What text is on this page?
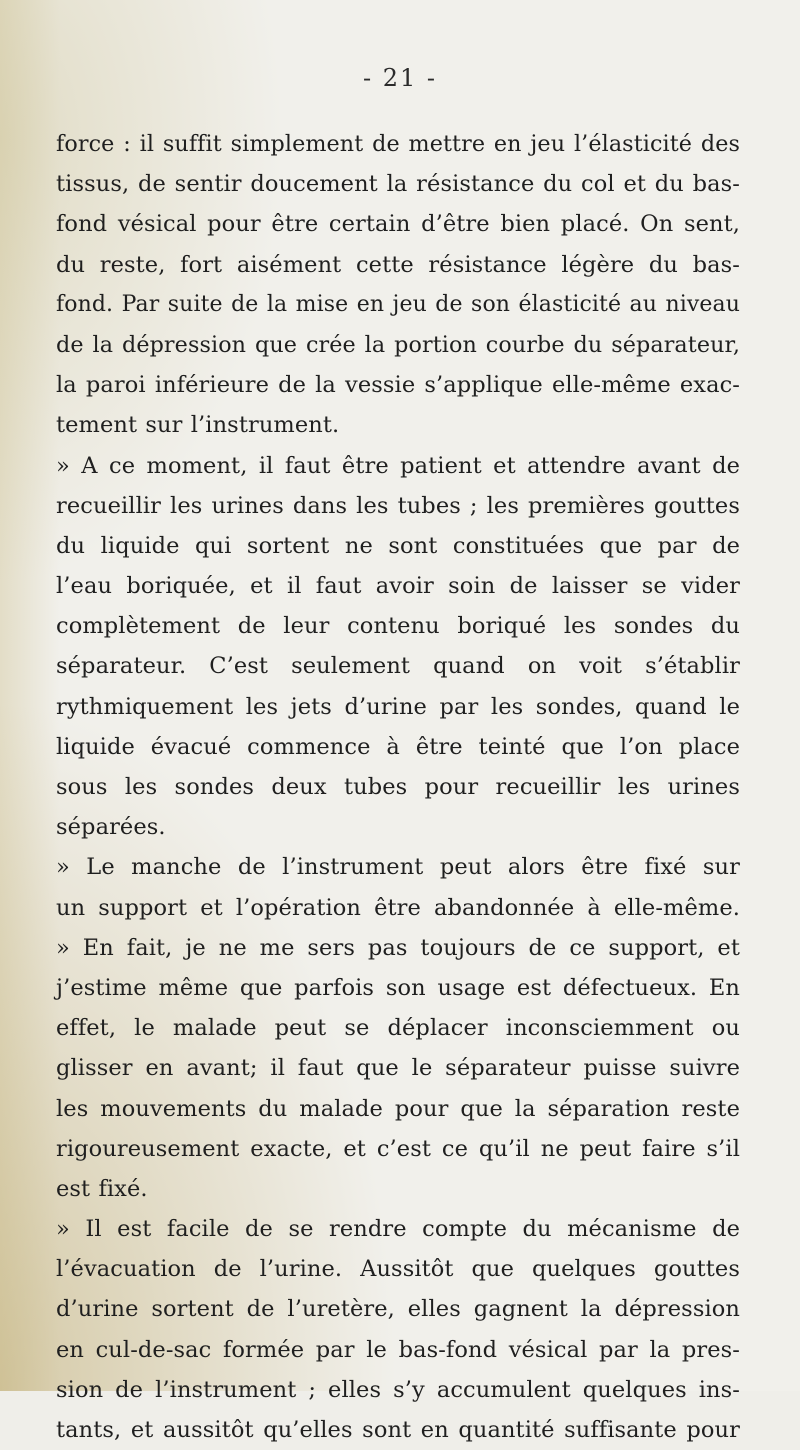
- 21 -
force : il suffit simplement de mettre en jeu l’élasticité des
tissus, de sentir doucement la résistance du col et du bas-
fond vésical pour être certain d’être bien placé. On sent,
du reste, fort aisément cette résistance légère du bas-
fond. Par suite de la mise en jeu de son élasticité au niveau
de la dépression que crée la portion courbe du séparateur,
la paroi inférieure de la vessie s’applique elle-même exac-
tement sur l’instrument.
» A ce moment, il faut être patient et attendre avant de
recueillir les urines dans les tubes ; les premières gouttes
du liquide qui sortent ne sont constituées que par de
l’eau boriquée, et il faut avoir soin de laisser se vider
complètement de leur contenu boriqué les sondes du
séparateur. C’est seulement quand on voit s’établir
rythmiquement les jets d’urine par les sondes, quand le
liquide évacué commence à être teinté que l’on place
sous les sondes deux tubes pour recueillir les urines
séparées.
» Le manche de l’instrument peut alors être fixé sur
un support et l’opération être abandonnée à elle-même.
» En fait, je ne me sers pas toujours de ce support, et
j’estime même que parfois son usage est défectueux. En
effet, le malade peut se déplacer inconsciemment ou
glisser en avant; il faut que le séparateur puisse suivre
les mouvements du malade pour que la séparation reste
rigoureusement exacte, et c’est ce qu’il ne peut faire s’il
est fixé.
» Il est facile de se rendre compte du mécanisme de
l’évacuation de l’urine. Aussitôt que quelques gouttes
d’urine sortent de l’uretère, elles gagnent la dépression
en cul-de-sac formée par le bas-fond vésical par la pres-
sion de l’instrument ; elles s’y accumulent quelques ins-
tants, et aussitôt qu’elles sont en quantité suffisante pour
